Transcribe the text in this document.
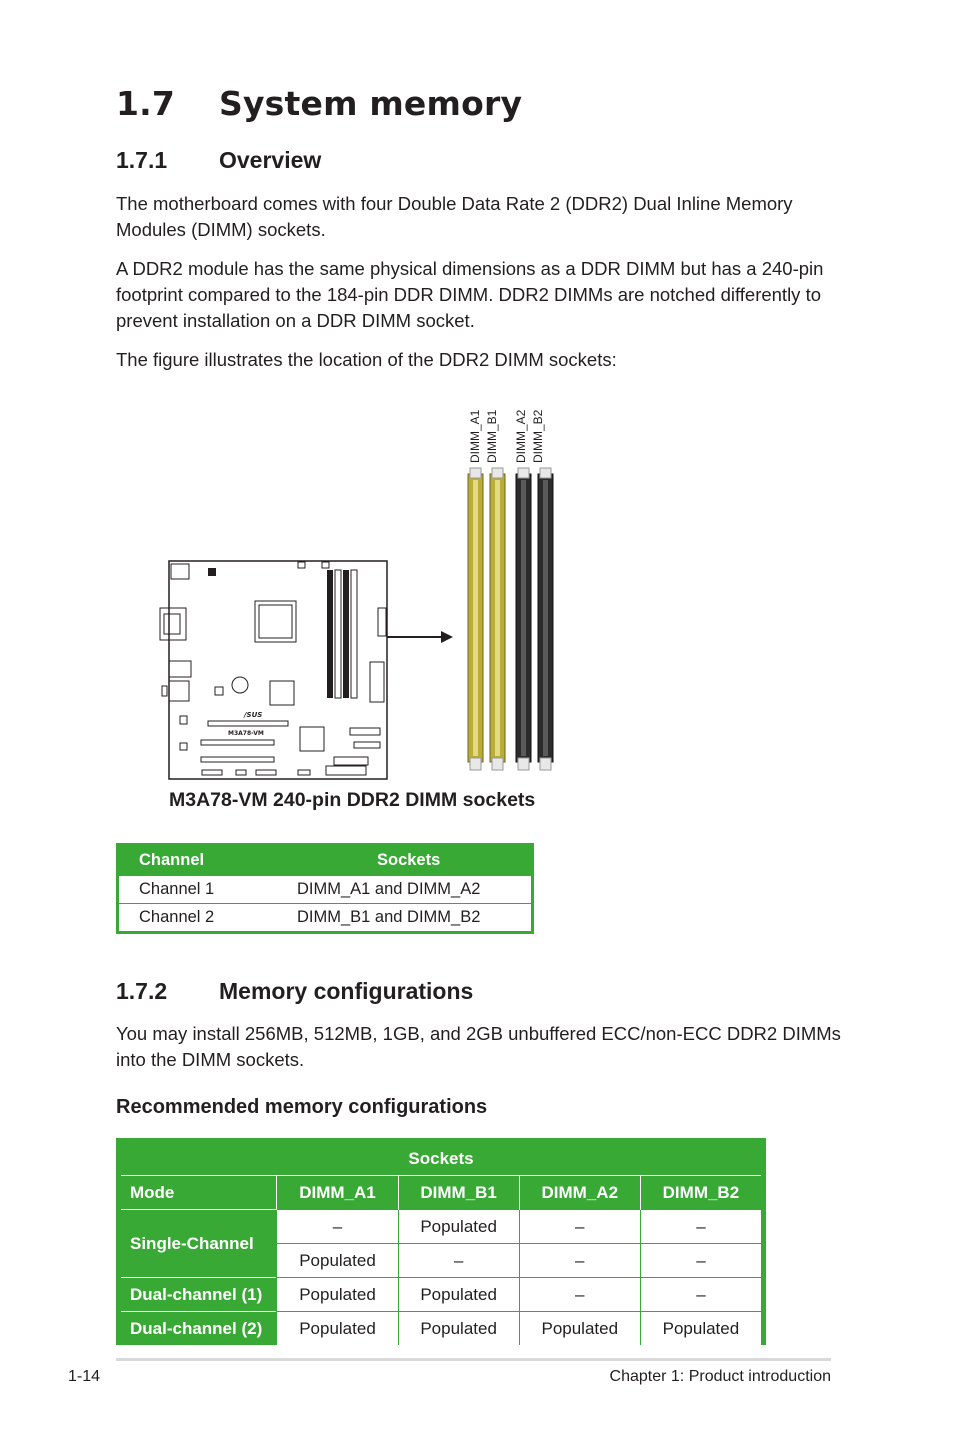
1.7 System memory
1.7.1 Overview

The motherboard comes with four Double Data Rate 2 (DDR2) Dual Inline Memory Modules (DIMM) sockets.

A DDR2 module has the same physical dimensions as a DDR DIMM but has a 240-pin footprint compared to the 184-pin DDR DIMM. DDR2 DIMMs are notched differently to prevent installation on a DDR DIMM socket.

The figure illustrates the location of the DDR2 DIMM sockets:

DIMM_A1 DIMM_B1 DIMM_A2 DIMM_B2
/SUS
M3A78-VM
M3A78-VM 240-pin DDR2 DIMM sockets
Channel	Sockets
Channel 1	DIMM_A1 and DIMM_A2
Channel 2	DIMM_B1 and DIMM_B2
1.7.2 Memory configurations

You may install 256MB, 512MB, 1GB, and 2GB unbuffered ECC/non-ECC DDR2 DIMMs into the DIMM sockets.

Recommended memory configurations
Sockets				
Mode	DIMM_A1	DIMM_B1	DIMM_A2	DIMM_B2
Single-Channel	–	Populated	–	–
	Populated	–	–	–
Dual-channel (1)	Populated	Populated	–	–
Dual-channel (2)	Populated	Populated	Populated	Populated
1-14	Chapter 1: Product introduction
